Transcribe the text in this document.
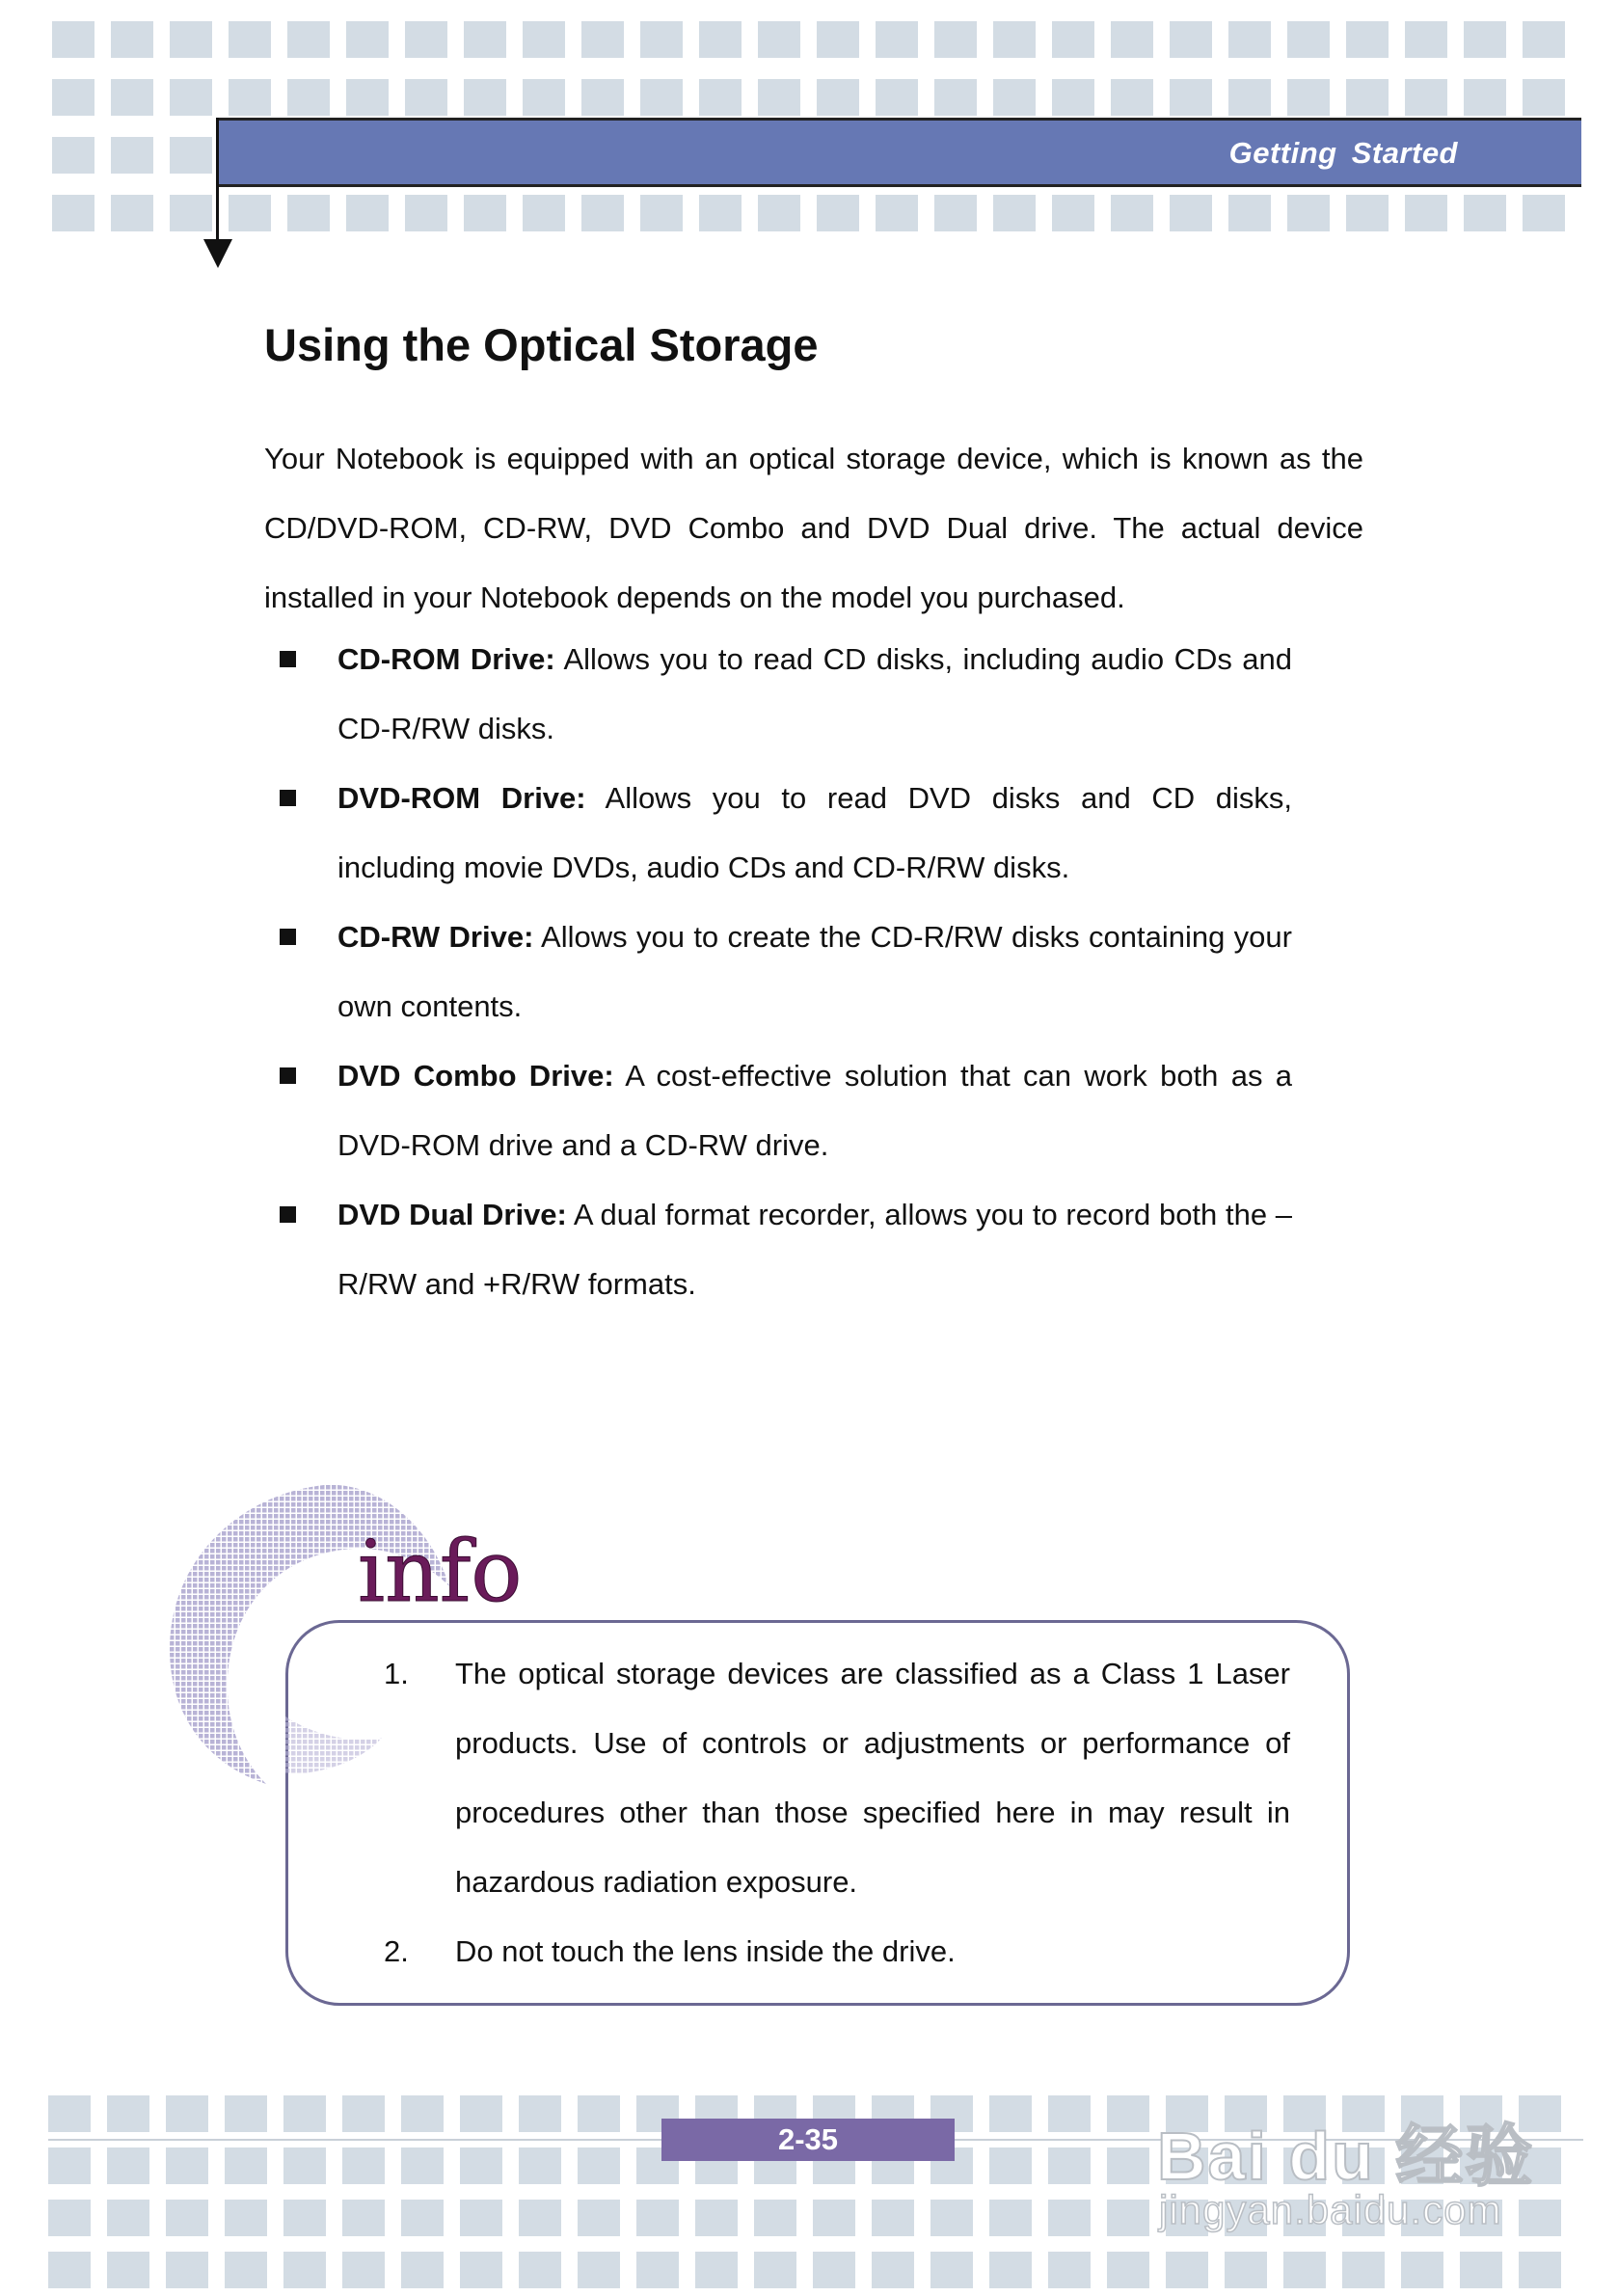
Getting Started
Using the Optical Storage

Your Notebook is equipped with an optical storage device, which is known as the CD/DVD-ROM, CD-RW, DVD Combo and DVD Dual drive. The actual device installed in your Notebook depends on the model you purchased.

CD-ROM Drive: Allows you to read CD disks, including audio CDs and CD-R/RW disks.
DVD-ROM Drive: Allows you to read DVD disks and CD disks, including movie DVDs, audio CDs and CD-R/RW disks.
CD-RW Drive: Allows you to create the CD-R/RW disks containing your own contents.
DVD Combo Drive: A cost-effective solution that can work both as a DVD-ROM drive and a CD-RW drive.
DVD Dual Drive: A dual format recorder, allows you to record both the –R/RW and +R/RW formats.
info
1. The optical storage devices are classified as a Class 1 Laser products. Use of controls or adjustments or performance of procedures other than those specified here in may result in hazardous radiation exposure.
2. Do not touch the lens inside the drive.
2-35	Bai du 经验
jingyan.baidu.com
